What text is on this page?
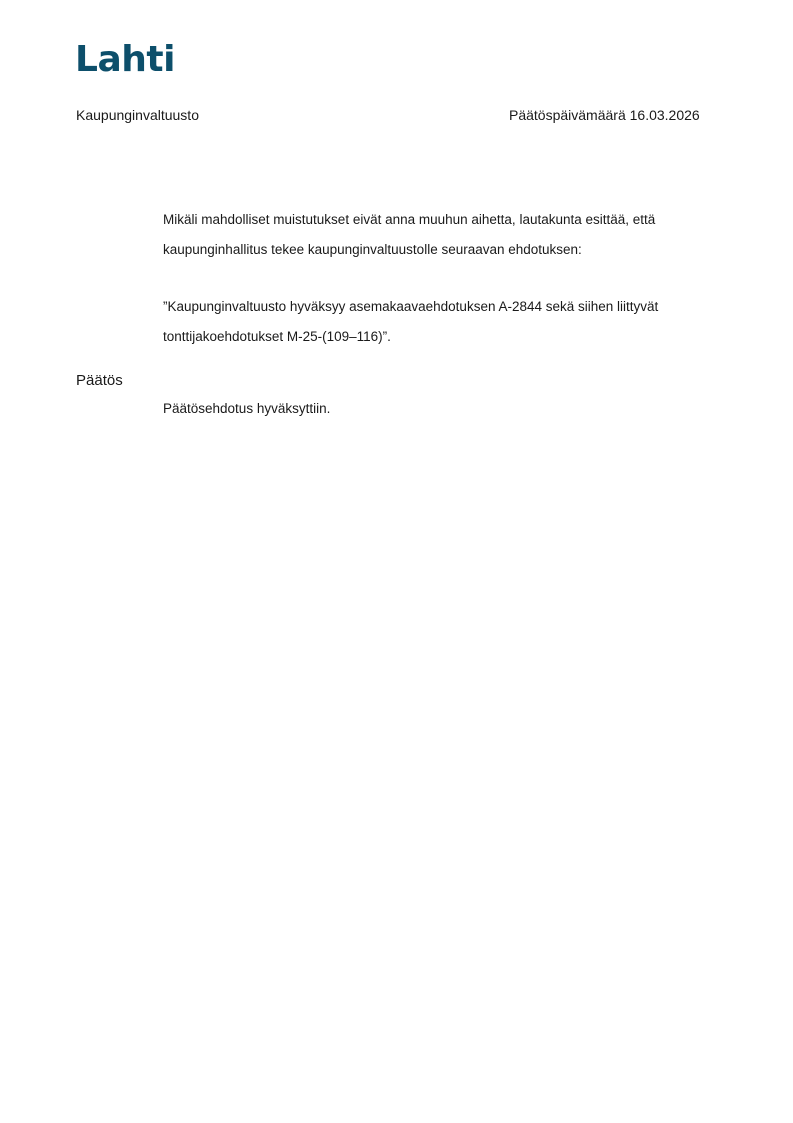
Lahti
Kaupunginvaltuusto	Päätöspäivämäärä 16.03.2026
Mikäli mahdolliset muistutukset eivät anna muuhun aihetta, lautakunta esittää, että kaupunginhallitus tekee kaupunginvaltuustolle seuraavan ehdotuksen:
”Kaupunginvaltuusto hyväksyy asemakaavaehdotuksen A-2844 sekä siihen liittyvät tonttijakoehdotukset M-25-(109–116)”.
Päätös
Päätösehdotus hyväksyttiin.
